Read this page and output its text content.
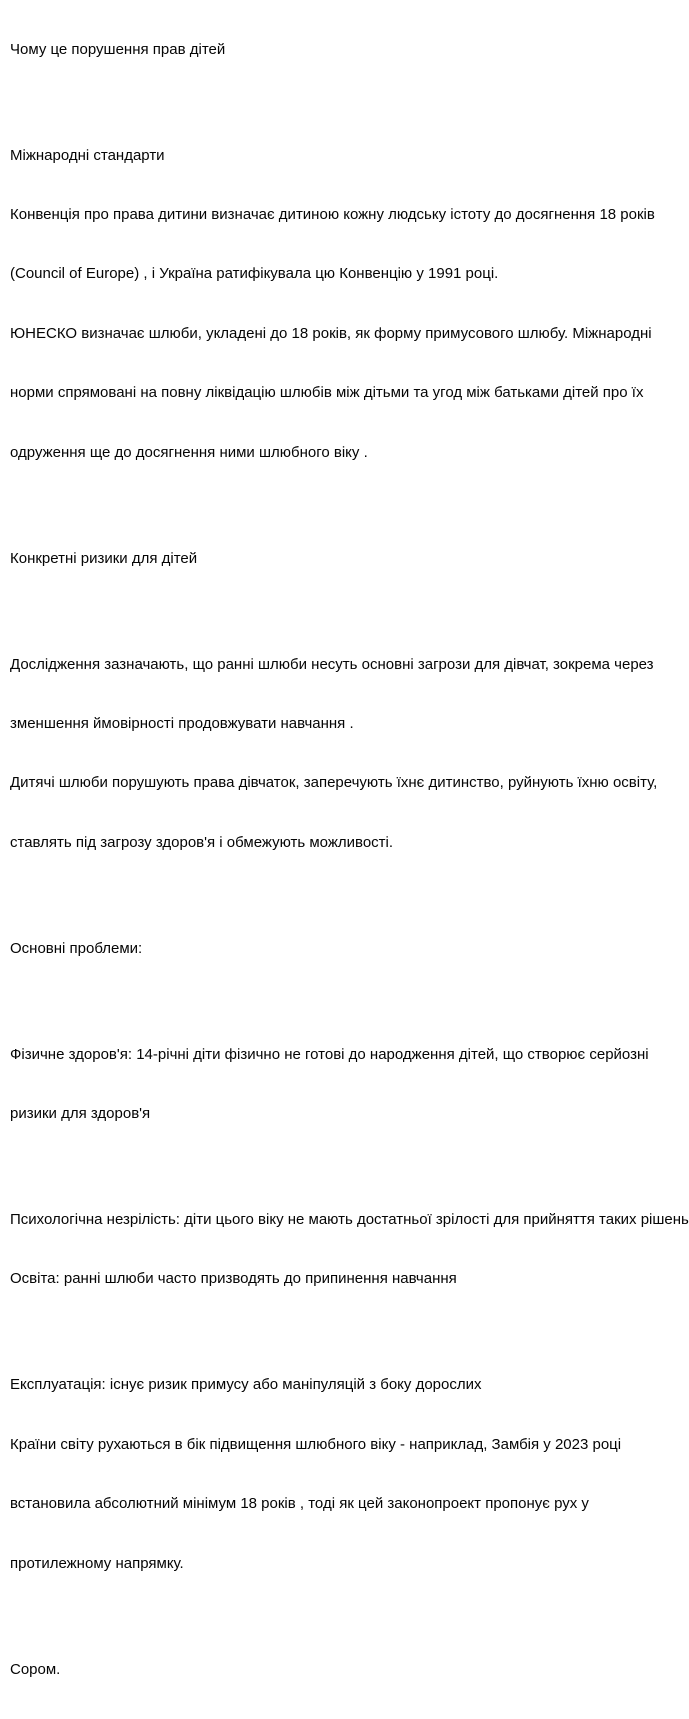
Чому це порушення прав дітей

Міжнародні стандарти

Конвенція про права дитини визначає дитиною кожну людську істоту до досягнення 18 років

(Council of Europe) , і Україна ратифікувала цю Конвенцію у 1991 році.

ЮНЕСКО визначає шлюби, укладені до 18 років, як форму примусового шлюбу. Міжнародні

норми спрямовані на повну ліквідацію шлюбів між дітьми та угод між батьками дітей про їх

одруження ще до досягнення ними шлюбного віку .

Конкретні ризики для дітей

Дослідження зазначають, що ранні шлюби несуть основні загрози для дівчат, зокрема через

зменшення ймовірності продовжувати навчання .

Дитячі шлюби порушують права дівчаток, заперечують їхнє дитинство, руйнують їхню освіту,

ставлять під загрозу здоров'я і обмежують можливості.

Основні проблеми:

Фізичне здоров'я: 14-річні діти фізично не готові до народження дітей, що створює серйозні

ризики для здоров'я

Психологічна незрілість: діти цього віку не мають достатньої зрілості для прийняття таких рішень

Освіта: ранні шлюби часто призводять до припинення навчання

Експлуатація: існує ризик примусу або маніпуляцій з боку дорослих

Країни світу рухаються в бік підвищення шлюбного віку - наприклад, Замбія у 2023 році

встановила абсолютний мінімум 18 років , тоді як цей законопроект пропонує рух у

протилежному напрямку.

Сором.
